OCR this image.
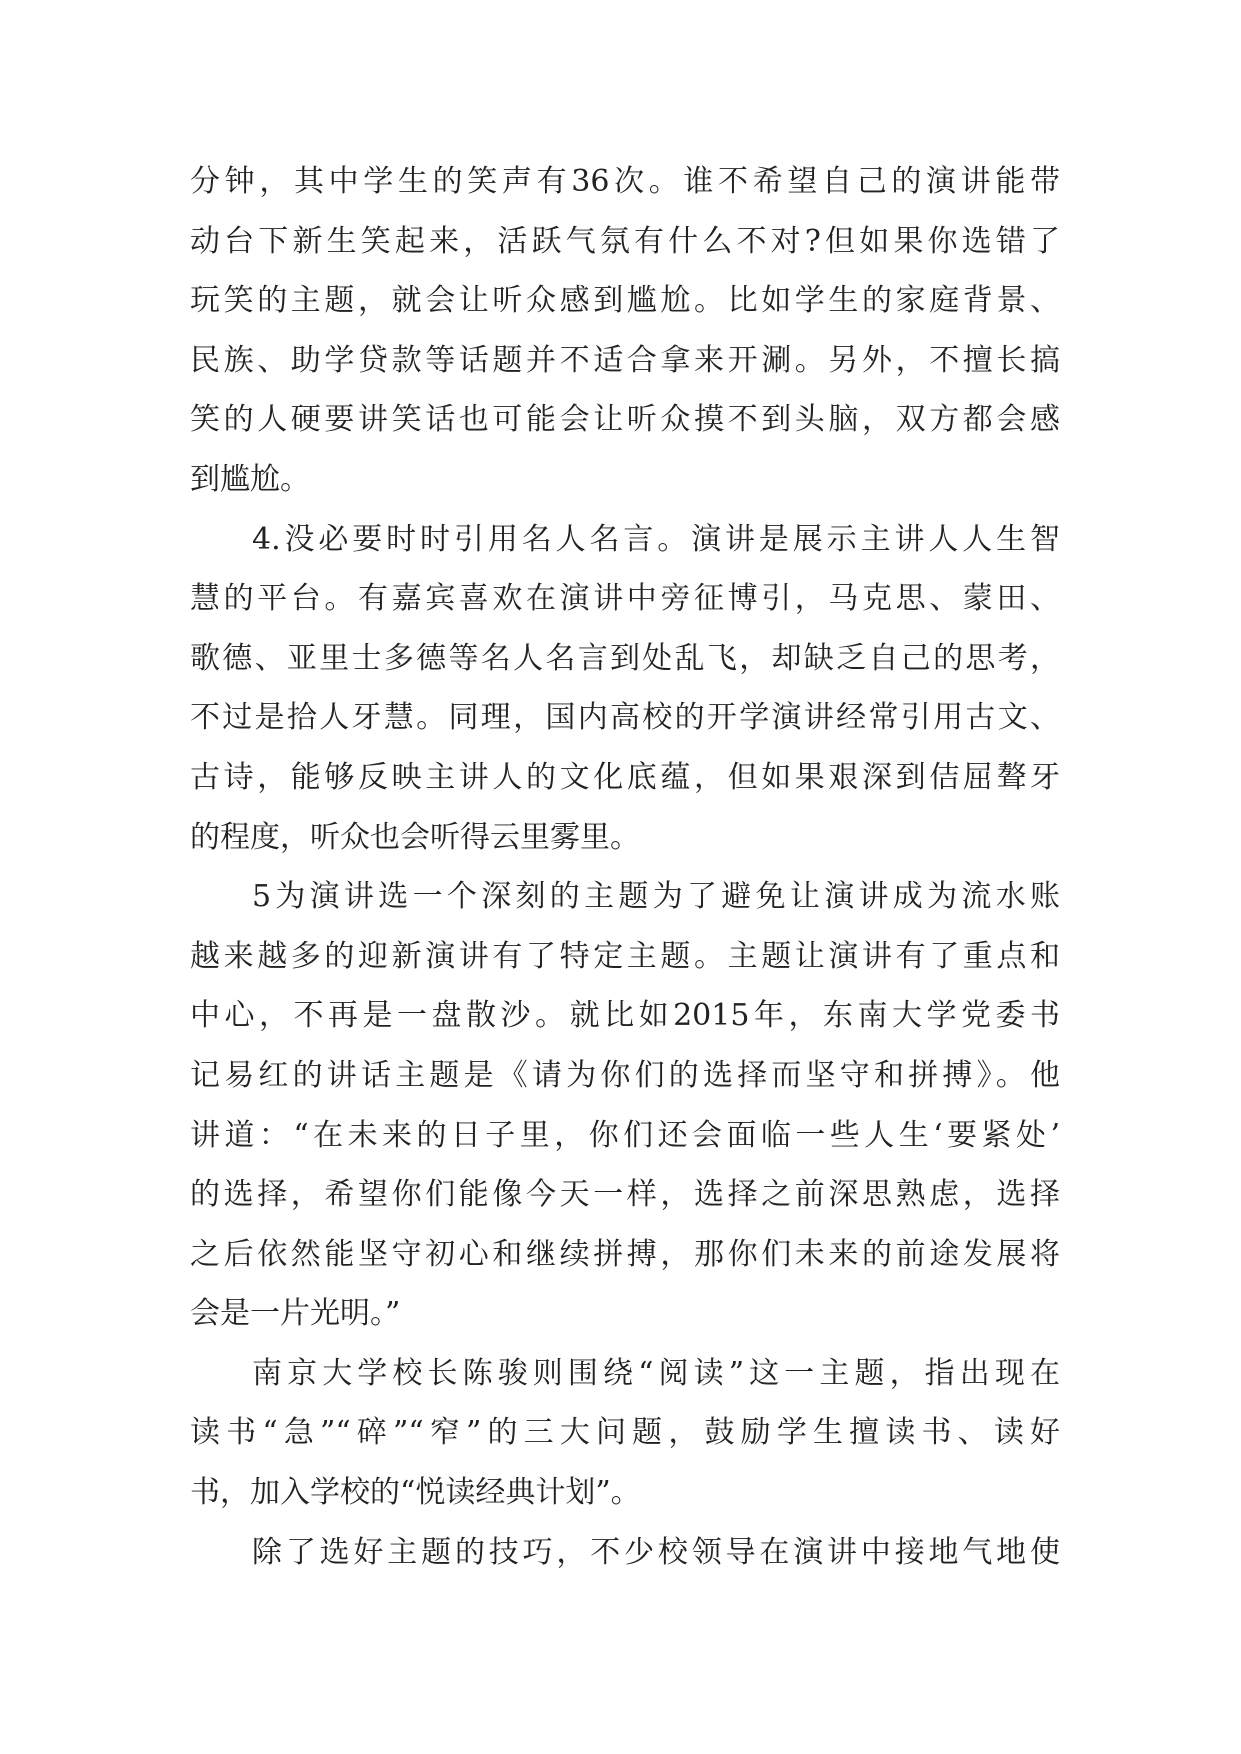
分钟，其中学生的笑声有36次。谁不希望自己的演讲能带
动台下新生笑起来，活跃气氛有什么不对?但如果你选错了
玩笑的主题，就会让听众感到尴尬。比如学生的家庭背景、
民族、助学贷款等话题并不适合拿来开涮。另外，不擅长搞
笑的人硬要讲笑话也可能会让听众摸不到头脑，双方都会感
到尴尬。
4.没必要时时引用名人名言。演讲是展示主讲人人生智
慧的平台。有嘉宾喜欢在演讲中旁征博引，马克思、蒙田、
歌德、亚里士多德等名人名言到处乱飞，却缺乏自己的思考，
不过是拾人牙慧。同理，国内高校的开学演讲经常引用古文、
古诗，能够反映主讲人的文化底蕴，但如果艰深到佶屈聱牙
的程度，听众也会听得云里雾里。
5为演讲选一个深刻的主题为了避免让演讲成为流水账
越来越多的迎新演讲有了特定主题。主题让演讲有了重点和
中心，不再是一盘散沙。就比如2015年，东南大学党委书
记易红的讲话主题是《请为你们的选择而坚守和拼搏》。他
讲道：“在未来的日子里，你们还会面临一些人生‘要紧处’
的选择，希望你们能像今天一样，选择之前深思熟虑，选择
之后依然能坚守初心和继续拼搏，那你们未来的前途发展将
会是一片光明。”
南京大学校长陈骏则围绕“阅读”这一主题，指出现在
读书“急”“碎”“窄”的三大问题，鼓励学生擅读书、读好
书，加入学校的“悦读经典计划”。
除了选好主题的技巧，不少校领导在演讲中接地气地使
